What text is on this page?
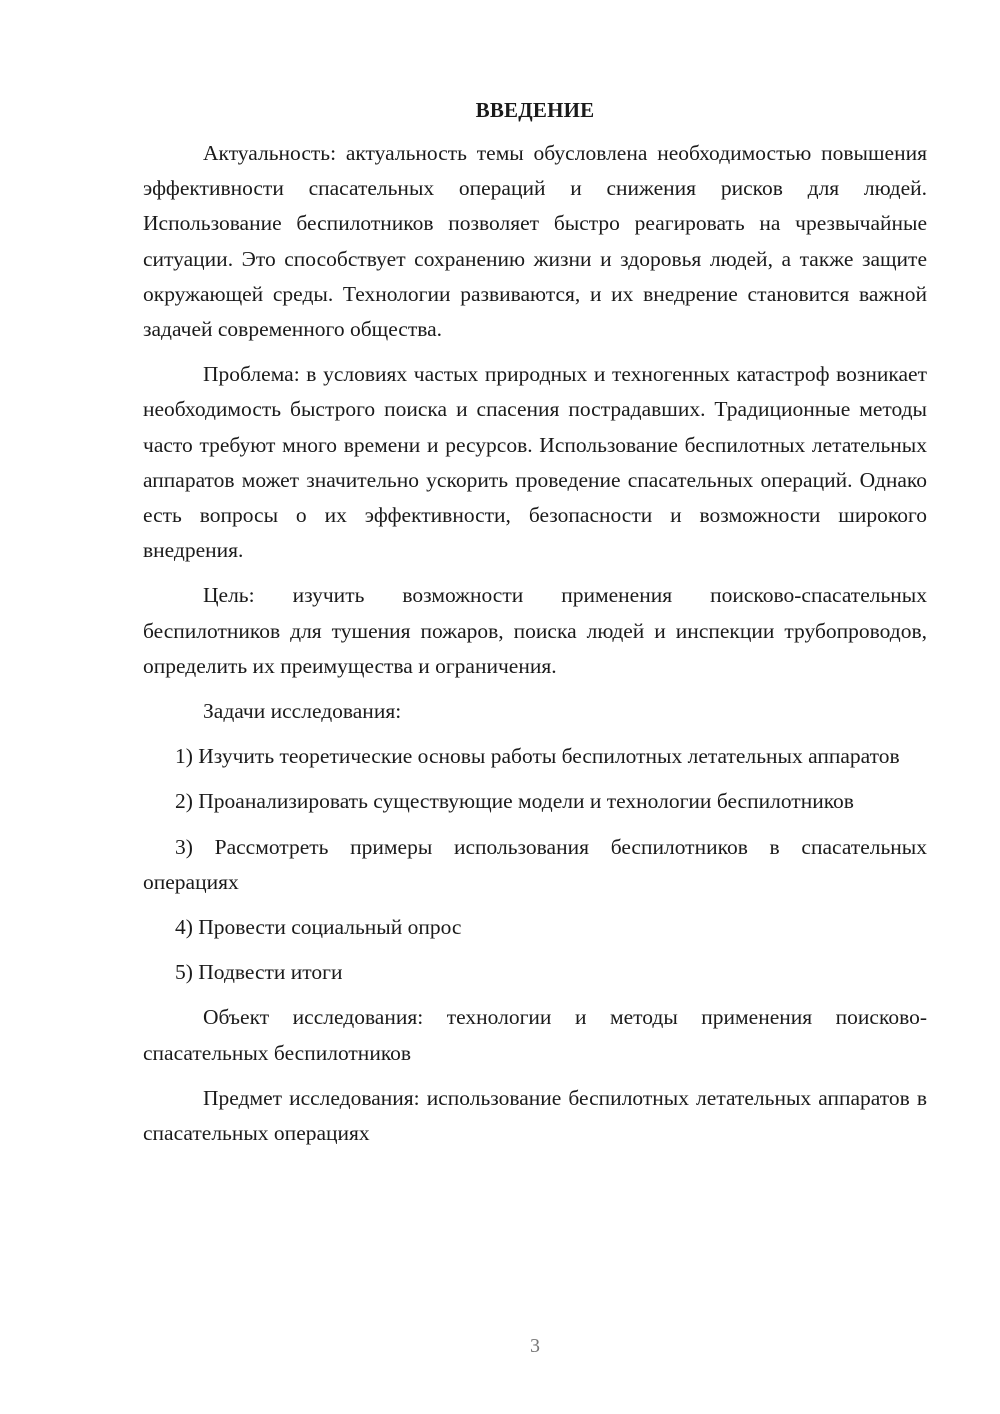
ВВЕДЕНИЕ

Актуальность: актуальность темы обусловлена необходимостью повышения эффективности спасательных операций и снижения рисков для людей. Использование беспилотников позволяет быстро реагировать на чрезвычайные ситуации. Это способствует сохранению жизни и здоровья людей, а также защите окружающей среды. Технологии развиваются, и их внедрение становится важной задачей современного общества.

Проблема: в условиях частых природных и техногенных катастроф возникает необходимость быстрого поиска и спасения пострадавших. Традиционные методы часто требуют много времени и ресурсов. Использование беспилотных летательных аппаратов может значительно ускорить проведение спасательных операций. Однако есть вопросы о их эффективности, безопасности и возможности широкого внедрения.

Цель: изучить возможности применения поисково-спасательных беспилотников для тушения пожаров, поиска людей и инспекции трубопроводов, определить их преимущества и ограничения.

Задачи исследования:

1) Изучить теоретические основы работы беспилотных летательных аппаратов

2) Проанализировать существующие модели и технологии беспилотников

3) Рассмотреть примеры использования беспилотников в спасательных операциях

4) Провести социальный опрос

5) Подвести итоги

Объект исследования: технологии и методы применения поисково-спасательных беспилотников

Предмет исследования: использование беспилотных летательных аппаратов в спасательных операциях

3
